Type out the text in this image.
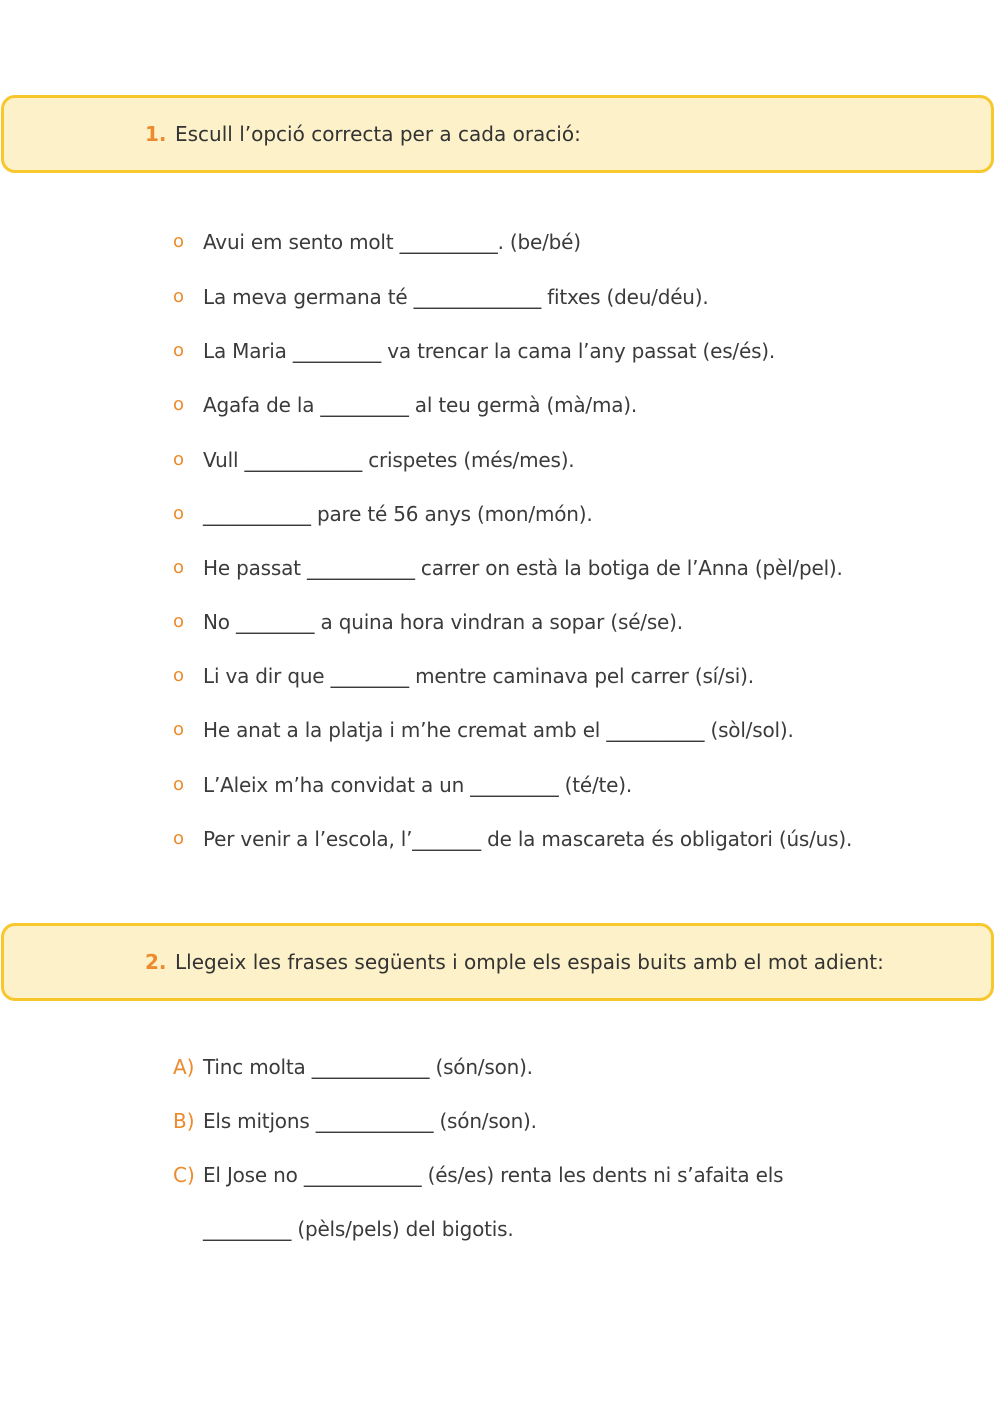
1. Escull l’opció correcta per a cada oració:
o Avui em sento molt __________. (be/bé)
o La meva germana té _____________ fitxes (deu/déu).
o La Maria _________ va trencar la cama l’any passat (es/és).
o Agafa de la _________ al teu germà (mà/ma).
o Vull ____________ crispetes (més/mes).
o ___________ pare té 56 anys (mon/món).
o He passat ___________ carrer on està la botiga de l’Anna (pèl/pel).
o No ________ a quina hora vindran a sopar (sé/se).
o Li va dir que ________ mentre caminava pel carrer (sí/si).
o He anat a la platja i m’he cremat amb el __________ (sòl/sol).
o L’Aleix m’ha convidat a un _________ (té/te).
o Per venir a l’escola, l’_______ de la mascareta és obligatori (ús/us).
2. Llegeix les frases següents i omple els espais buits amb el mot adient:
A) Tinc molta ____________ (són/son).
B) Els mitjons ____________ (són/son).
C) El Jose no ____________ (és/es) renta les dents ni s’afaita els
_________ (pèls/pels) del bigotis.
